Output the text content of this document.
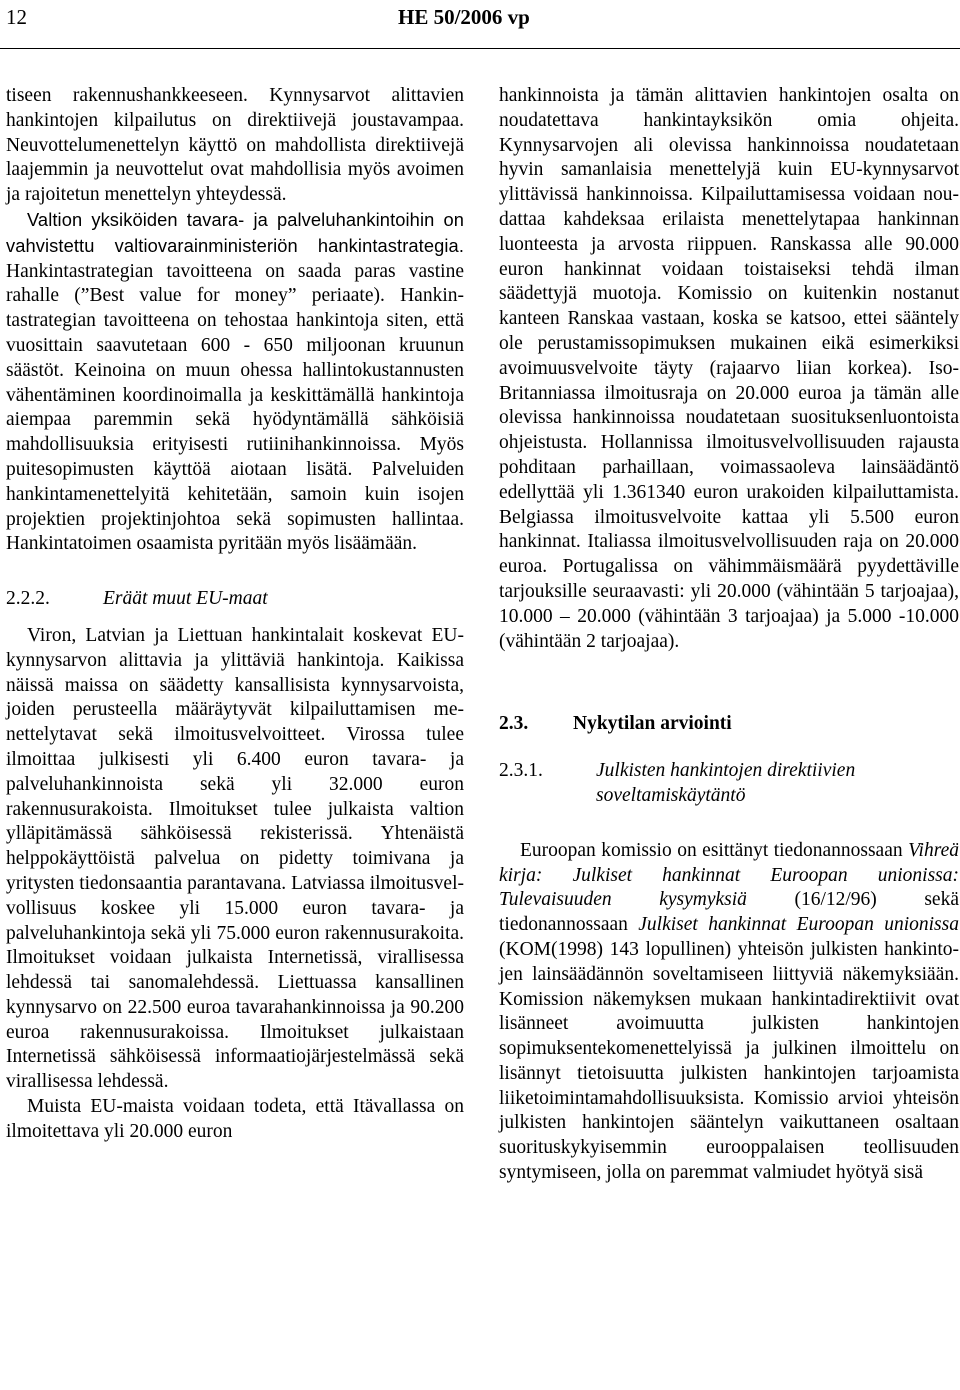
12	HE 50/2006 vp

tiseen rakennushankkeeseen. Kynnysarvot alittavien hankintojen kilpailutus on direktiivejä joustavampaa. Neuvottelumenettelyn käyttö on mahdollista direktiivejä laajemmin ja neuvottelut ovat mahdollisia myös avoimen ja rajoitetun menettelyn yhteydessä.

Valtion yksiköiden tavara- ja palveluhankintoihin on vahvistettu valtiovarainministeriön hankintastrategia. Hankintastrategian tavoitteena on saada paras vastine rahalle (”Best value for money” periaate). Hankintastrategian tavoitteena on tehostaa hankintoja siten, että vuosittain saavutetaan 600 - 650 miljoonan kruunun säästöt. Keinoina on muun ohessa hallintokustannusten vähentäminen koordinoimalla ja keskittämällä hankintoja aiempaa paremmin sekä hyödyntämällä sähköisiä mahdollisuuksia erityisesti rutiinihankinnoissa. Myös puitesopimusten käyttöä aiotaan lisätä. Palveluiden hankintamenettelyitä kehitetään, samoin kuin isojen projektien projektinjohtoa sekä sopimusten hallintaa. Hankintatoimen osaamista pyritään myös lisäämään.

2.2.2.	Eräät muut EU-maat

Viron, Latvian ja Liettuan hankintalait koskevat EU-kynnysarvon alittavia ja ylittäviä hankintoja. Kaikissa näissä maissa on säädetty kansallisista kynnysarvoista, joiden perusteella määräytyvät kilpailuttamisen menettelytavat sekä ilmoitusvelvoitteet. Virossa tulee ilmoittaa julkisesti yli 6.400 euron tavara- ja palveluhankinnoista sekä yli 32.000 euron rakennusurakoista. Ilmoitukset tulee julkaista valtion ylläpitämässä sähköisessä rekisterissä. Yhtenäistä helppokäyttöistä palvelua on pidetty toimivana ja yritysten tiedonsaantia parantavana. Latviassa ilmoitusvelvollisuus koskee yli 15.000 euron tavara- ja palveluhankintoja sekä yli 75.000 euron rakennusurakoita. Ilmoitukset voidaan julkaista Internetissä, virallisessa lehdessä tai sanomalehdessä. Liettuassa kansallinen kynnysarvo on 22.500 euroa tavarahankinnoissa ja 90.200 euroa rakennusurakoissa. Ilmoitukset julkaistaan Internetissä sähköisessä informaatiojärjestelmässä sekä virallisessa lehdessä.

Muista EU-maista voidaan todeta, että Itävallassa on ilmoitettava yli 20.000 euron

hankinnoista ja tämän alittavien hankintojen osalta on noudatettava hankintayksikön omia ohjeita. Kynnysarvojen ali olevissa hankinnoissa noudatetaan hyvin samanlaisia menettelyjä kuin EU-kynnysarvot ylittävissä hankinnoissa. Kilpailuttamisessa voidaan noudattaa kahdeksaa erilaista menettelytapaa hankinnan luonteesta ja arvosta riippuen. Ranskassa alle 90.000 euron hankinnat voidaan toistaiseksi tehdä ilman säädettyjä muotoja. Komissio on kuitenkin nostanut kanteen Ranskaa vastaan, koska se katsoo, ettei sääntely ole perustamissopimuksen mukainen eikä esimerkiksi avoimuusvelvoite täyty (rajaarvo liian korkea). Iso-Britanniassa ilmoitusraja on 20.000 euroa ja tämän alle olevissa hankinnoissa noudatetaan suosituksenluontoista ohjeistusta. Hollannissa ilmoitusvelvollisuuden rajausta pohditaan parhaillaan, voimassaoleva lainsäädäntö edellyttää yli 1.361340 euron urakoiden kilpailuttamista. Belgiassa ilmoitusvelvoite kattaa yli 5.500 euron hankinnat. Italiassa ilmoitusvelvollisuuden raja on 20.000 euroa. Portugalissa on vähimmäismäärä pyydettäville tarjouksille seuraavasti: yli 20.000 (vähintään 5 tarjoajaa), 10.000 – 20.000 (vähintään 3 tarjoajaa) ja 5.000 -10.000 (vähintään 2 tarjoajaa).

2.3.	Nykytilan arviointi
2.3.1.	Julkisten hankintojen direktiivien soveltamiskäytäntö

Euroopan komissio on esittänyt tiedonannossaan Vihreä kirja: Julkiset hankinnat Euroopan unionissa: Tulevaisuuden kysymyksiä (16/12/96) sekä tiedonannossaan Julkiset hankinnat Euroopan unionissa (KOM(1998) 143 lopullinen) yhteisön julkisten hankintojen lainsäädännön soveltamiseen liittyviä näkemyksiään. Komission näkemyksen mukaan hankintadirektiivit ovat lisänneet avoimuutta julkisten hankintojen sopimuksentekomenettelyissä ja julkinen ilmoittelu on lisännyt tietoisuutta julkisten hankintojen tarjoamista liiketoimintamahdollisuuksista. Komissio arvioi yhteisön julkisten hankintojen sääntelyn vaikuttaneen osaltaan suorituskykyisemmin eurooppalaisen teollisuuden syntymiseen, jolla on paremmat valmiudet hyötyä sisä
